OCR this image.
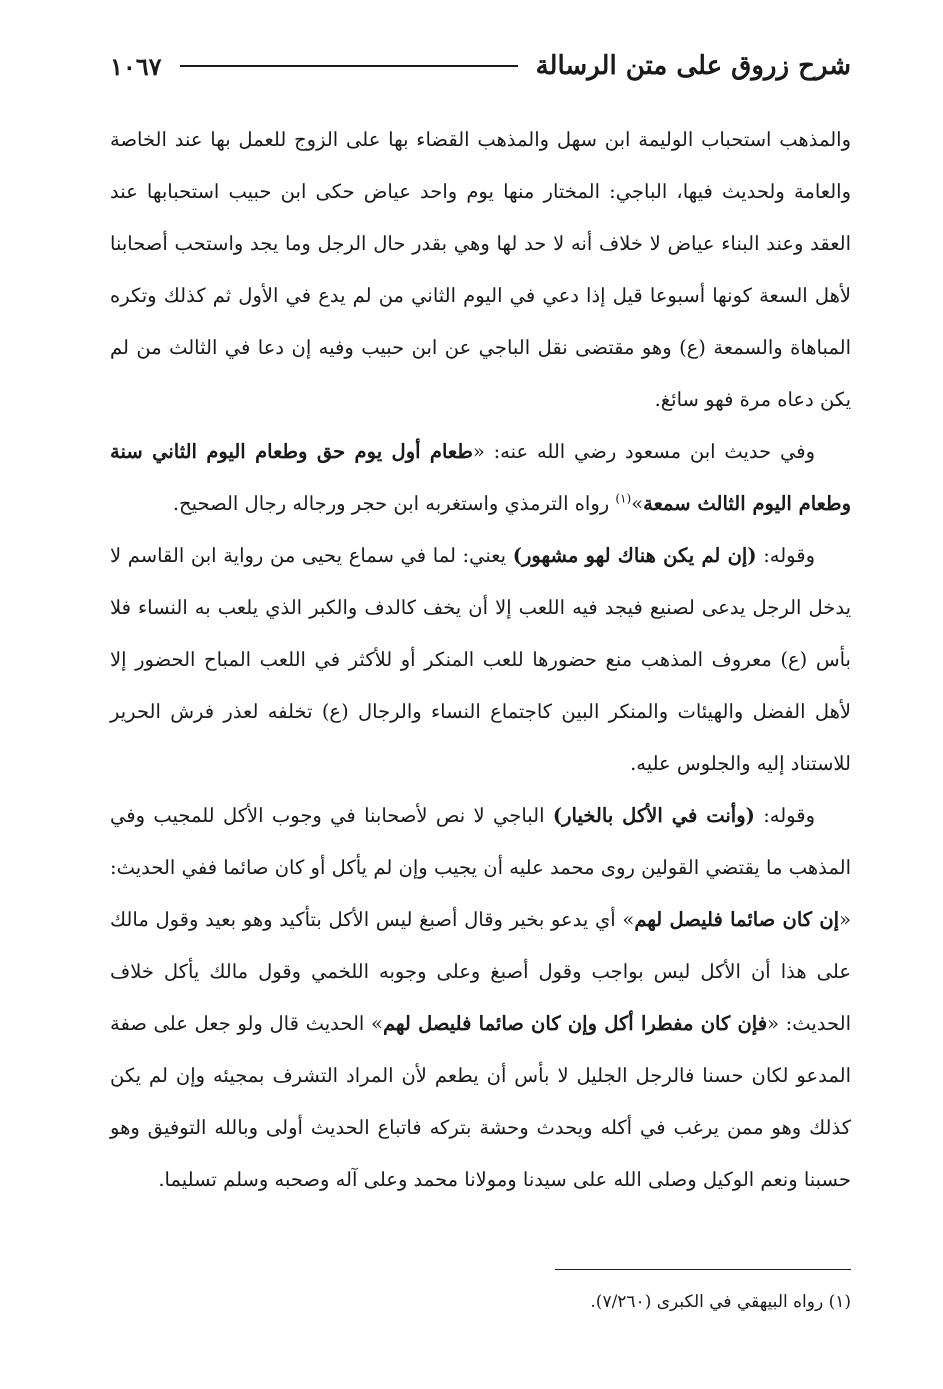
شرح زروق على متن الرسالة
١٠٦٧

والمذهب استحباب الوليمة ابن سهل والمذهب القضاء بها على الزوج للعمل بها عند الخاصة والعامة ولحديث فيها، الباجي: المختار منها يوم واحد عياض حكى ابن حبيب استحبابها عند العقد وعند البناء عياض لا خلاف أنه لا حد لها وهي بقدر حال الرجل وما يجد واستحب أصحابنا لأهل السعة كونها أسبوعا قيل إذا دعي في اليوم الثاني من لم يدع في الأول ثم كذلك وتكره المباهاة والسمعة (ع) وهو مقتضى نقل الباجي عن ابن حبيب وفيه إن دعا في الثالث من لم يكن دعاه مرة فهو سائغ.

وفي حديث ابن مسعود رضي الله عنه: «طعام أول يوم حق وطعام اليوم الثاني سنة وطعام اليوم الثالث سمعة»$^{(١)}$ رواه الترمذي واستغربه ابن حجر ورجاله رجال الصحيح.

وقوله: (إن لم يكن هناك لهو مشهور) يعني: لما في سماع يحيى من رواية ابن القاسم لا يدخل الرجل يدعى لصنيع فيجد فيه اللعب إلا أن يخف كالدف والكبر الذي يلعب به النساء فلا بأس (ع) معروف المذهب منع حضورها للعب المنكر أو للأكثر في اللعب المباح الحضور إلا لأهل الفضل والهيئات والمنكر البين كاجتماع النساء والرجال (ع) تخلفه لعذر فرش الحرير للاستناد إليه والجلوس عليه.

وقوله: (وأنت في الأكل بالخيار) الباجي لا نص لأصحابنا في وجوب الأكل للمجيب وفي المذهب ما يقتضي القولين روى محمد عليه أن يجيب وإن لم يأكل أو كان صائما ففي الحديث: «إن كان صائما فليصل لهم» أي يدعو بخير وقال أصبغ ليس الأكل بتأكيد وهو بعيد وقول مالك على هذا أن الأكل ليس بواجب وقول أصبغ وعلى وجوبه اللخمي وقول مالك يأكل خلاف الحديث: «فإن كان مفطرا أكل وإن كان صائما فليصل لهم» الحديث قال ولو جعل على صفة المدعو لكان حسنا فالرجل الجليل لا بأس أن يطعم لأن المراد التشرف بمجيئه وإن لم يكن كذلك وهو ممن يرغب في أكله ويحدث وحشة بتركه فاتباع الحديث أولى وبالله التوفيق وهو حسبنا ونعم الوكيل وصلى الله على سيدنا ومولانا محمد وعلى آله وصحبه وسلم تسليما.

(١) رواه البيهقي في الكبرى (٧/٢٦٠).
